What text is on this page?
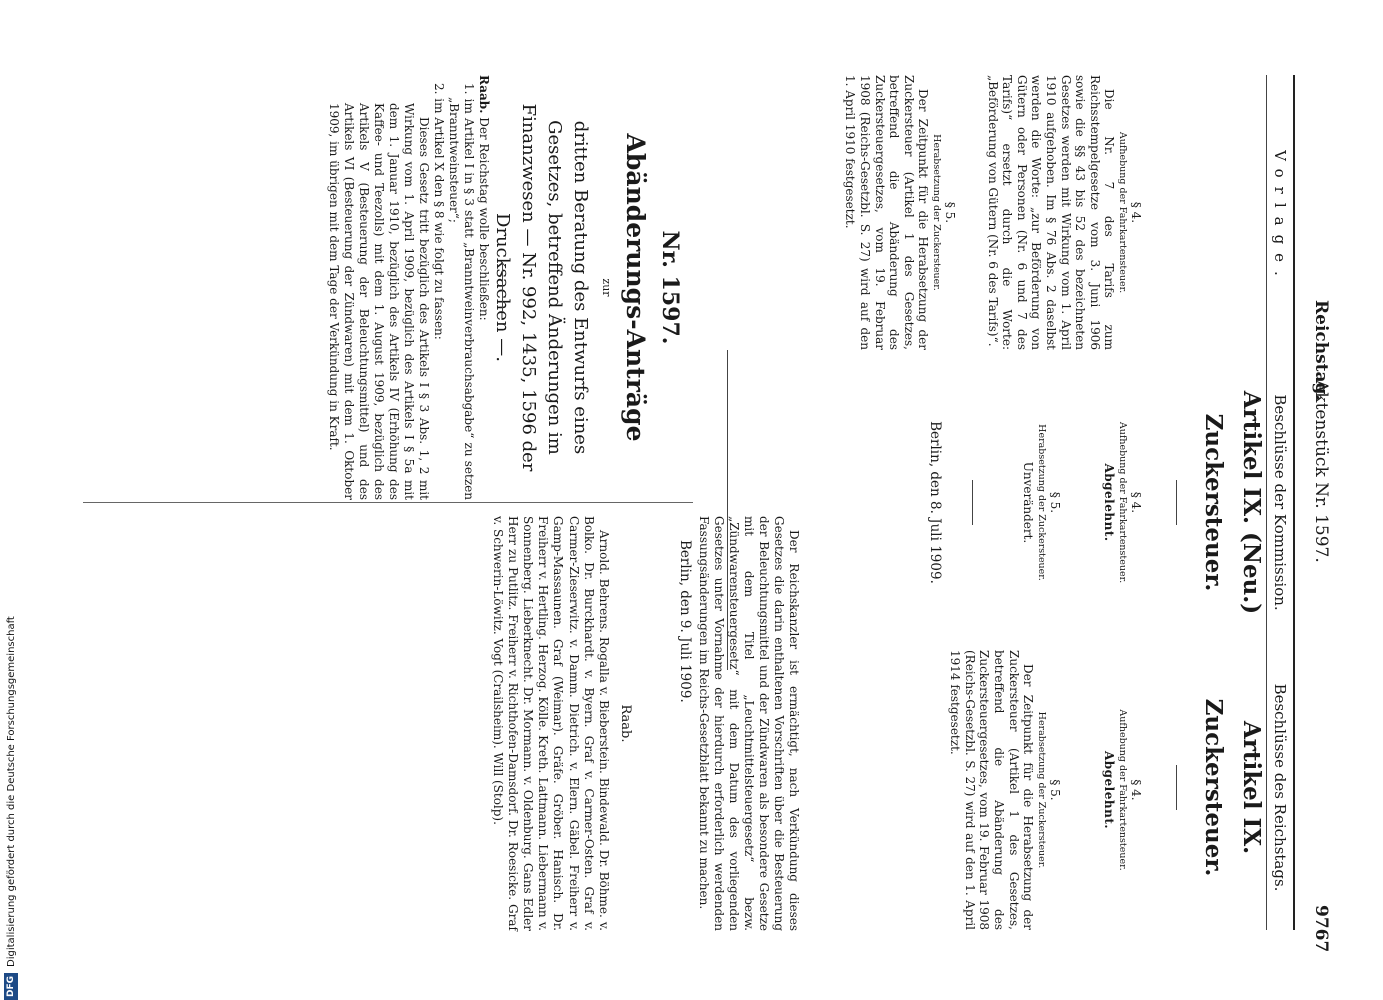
Reichstag.
Aktenstück Nr. 1597.
9767
Vorlage.
Beschlüsse der Kommission.
Beschlüsse des Reichstags.

§ 4.

Aufhebung der Fahrkartensteuer.

Die Nr. 7 des Tarifs zum Reichsstempelgesetze vom 3. Juni 1906 sowie die §§ 43 bis 52 des bezeichneten Gesetzes werden mit Wirkung vom 1. April 1910 aufgehoben. Im § 76 Abs. 2 daselbst werden die Worte: „zur Beförderung von Gütern oder Personen (Nr. 6 und 7 des Tarifs)“ ersetzt durch die Worte: „Beförderung von Gütern (Nr. 6 des Tarifs)“.

§ 5.

Herabsetzung der Zuckersteuer.

Der Zeitpunkt für die Herabsetzung der Zuckersteuer (Artikel 1 des Gesetzes, betreffend die Abänderung des Zuckersteuergesetzes, vom 19. Februar 1908 (Reichs-Gesetzbl. S. 27) wird auf den 1. April 1910 festgesetzt.

Artikel IX. (Neu.)
Zuckersteuer.

§ 4.

Aufhebung der Fahrkartensteuer.

Abgelehnt.

§ 5.

Herabsetzung der Zuckersteuer.

Unverändert.

Berlin, den 8. Juli 1909.
Artikel IX.
Zuckersteuer.

§ 4.

Aufhebung der Fahrkartensteuer.

Abgelehnt.

§ 5.

Herabsetzung der Zuckersteuer.

Der Zeitpunkt für die Herabsetzung der Zuckersteuer (Artikel 1 des Gesetzes, betreffend die Abänderung des Zuckersteuergesetzes, vom 19. Februar 1908 (Reichs-Gesetzbl. S. 27) wird auf den 1. April 1914 festgesetzt.

Nr. 1597.
Abänderungs-Anträge
zur
dritten Beratung des Entwurfs eines Gesetzes, betreffend Änderungen im Finanzwesen — Nr. 992, 1435, 1596 der Drucksachen —.

Raab. Der Reichstag wolle beschließen:

1. im Artikel I in § 3 statt „Branntweinverbrauchsabgabe“ zu setzen „Branntweinsteuer“;

2. im Artikel X den § 8 wie folgt zu fassen:

Dieses Gesetz tritt bezüglich des Artikels I § 3 Abs. 1, 2 mit Wirkung vom 1. April 1909, bezüglich des Artikels I § 5a mit dem 1. Januar 1910, bezüglich des Artikels IV (Erhöhung des Kaffee- und Teezolls) mit dem 1. August 1909, bezüglich des Artikels V (Besteuerung der Beleuchtungsmittel) und des Artikels VI (Besteuerung der Zündwaren) mit dem 1. Oktober 1909, im übrigen mit dem Tage der Verkündung in Kraft.

Der Reichskanzler ist ermächtigt, nach Verkündung dieses Gesetzes die darin enthaltenen Vorschriften über die Besteuerung der Beleuchtungsmittel und der Zündwaren als besondere Gesetze mit dem Titel „Leuchtmittelsteuergesetz“ bezw. „Zündwarensteuergesetz“ mit dem Datum des vorliegenden Gesetzes unter Vornahme der hierdurch erforderlich werdenden Fassungsänderungen im Reichs-Gesetzblatt bekannt zu machen.

Berlin, den 9. Juli 1909.
Raab.

Arnold. Behrens. Rogalla v. Bieberstein. Bindewald. Dr. Böhme. v. Bolko. Dr. Burckhardt. v. Byern. Graf v. Carmer-Osten. Graf v. Carmer-Zieserwitz. v. Damm. Dietrich. v. Elern. Gäbel. Freiherr v. Gamp-Massaunen. Graf (Weimar). Gräfe. Gröber. Hanisch. Dr. Freiherr v. Hertling. Herzog. Kölle. Kreth. Lattmann. Liebermann v. Sonnenberg. Lieberknecht. Dr. Mormann. v. Oldenburg. Gans Edler Herr zu Putlitz. Freiherr v. Richthofen-Damsdorf. Dr. Roesicke. Graf v. Schwerin-Löwitz. Vogt (Crailsheim). Will (Stolp).

DFGDigitalisierung gefördert durch die Deutsche Forschungsgemeinschaft
